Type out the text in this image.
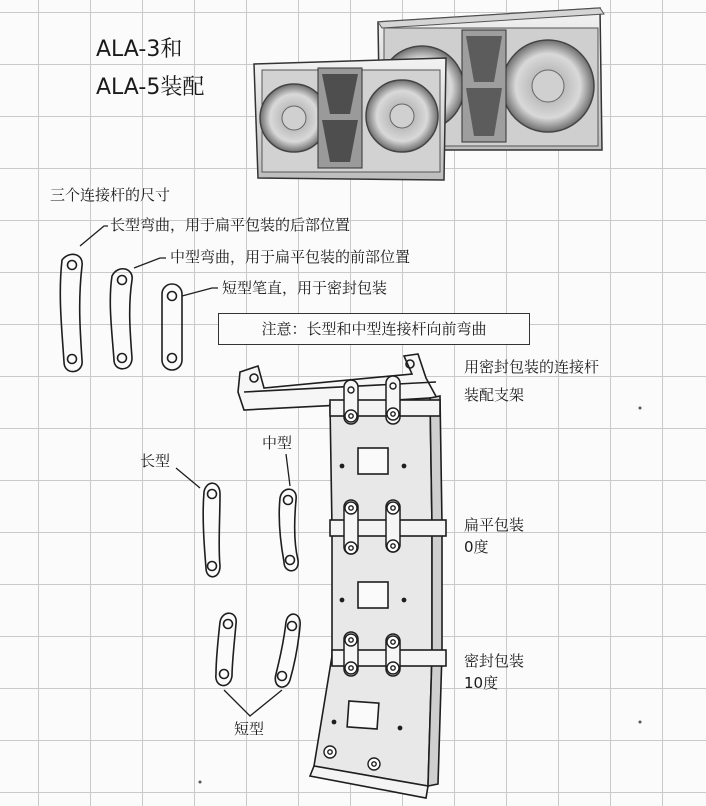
ALA-3和
ALA-5装配
三个连接杆的尺寸
长型弯曲，用于扁平包装的后部位置
中型弯曲，用于扁平包装的前部位置
短型笔直，用于密封包装
注意：长型和中型连接杆向前弯曲
用密封包装的连接杆
装配支架
长型
中型
短型
扁平包装
0度
密封包装
10度
